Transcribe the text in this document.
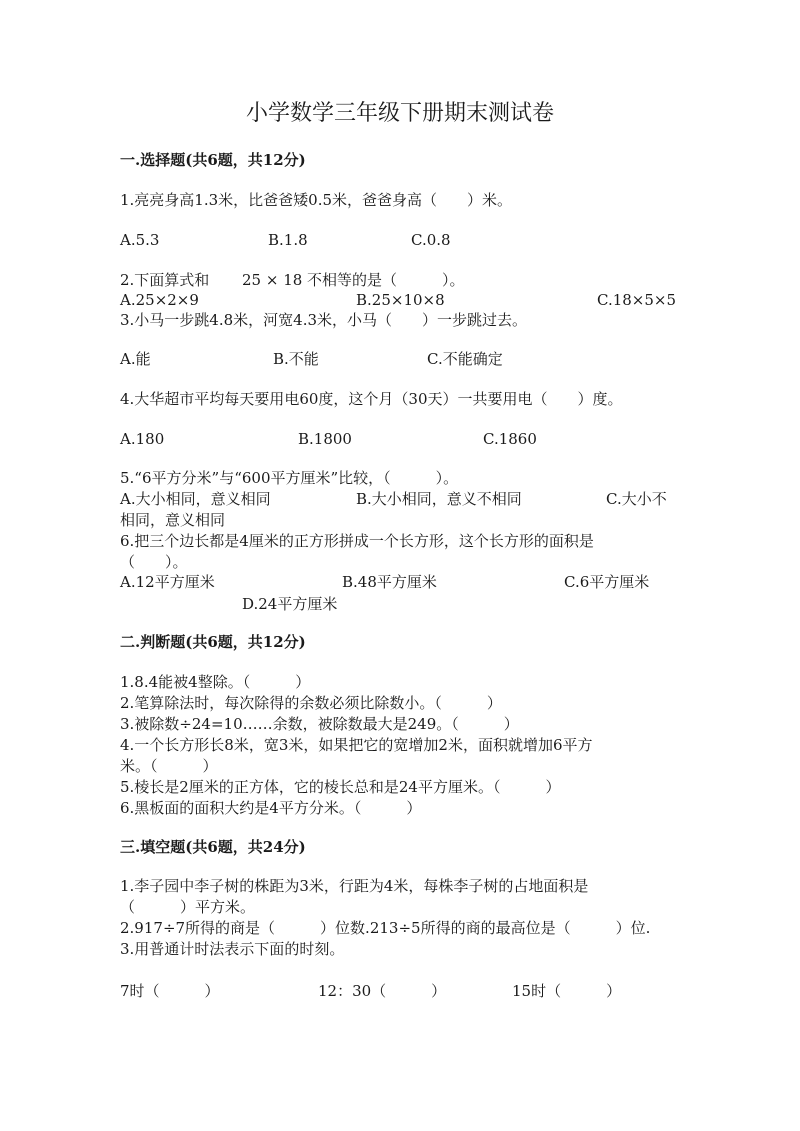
小学数学三年级下册期末测试卷
一.选择题(共6题，共12分)
1.亮亮身高1.3米，比爸爸矮0.5米，爸爸身高（　　）米。
A.5.3	B.1.8	C.0.8
2.下面算式和 25 × 18 不相等的是（　　　）。
A.25×2×9	B.25×10×8	C.18×5×5
3.小马一步跳4.8米，河宽4.3米，小马（　　）一步跳过去。
A.能	B.不能	C.不能确定
4.大华超市平均每天要用电60度，这个月（30天）一共要用电（　　）度。
A.180	B.1800	C.1860
5.“6平方分米”与“600平方厘米”比较，（　　　）。
A.大小相同，意义相同	B.大小相同，意义不相同	C.大小不
相同，意义相同
6.把三个边长都是4厘米的正方形拼成一个长方形，这个长方形的面积是
（　　）。
A.12平方厘米	B.48平方厘米	C.6平方厘米
D.24平方厘米
二.判断题(共6题，共12分)
1.8.4能被4整除。（　　　）
2.笔算除法时，每次除得的余数必须比除数小。（　　　）
3.被除数÷24=10……余数，被除数最大是249。（　　　）
4.一个长方形长8米，宽3米，如果把它的宽增加2米，面积就增加6平方
米。（　　　）
5.棱长是2厘米的正方体，它的棱长总和是24平方厘米。（　　　）
6.黑板面的面积大约是4平方分米。（　　　）
三.填空题(共6题，共24分)
1.李子园中李子树的株距为3米，行距为4米，每株李子树的占地面积是
（　　　）平方米。
2.917÷7所得的商是（　　　）位数.213÷5所得的商的最高位是（　　　）位.
3.用普通计时法表示下面的时刻。
7时（　　　）	12：30（　　　）	15时（　　　）
